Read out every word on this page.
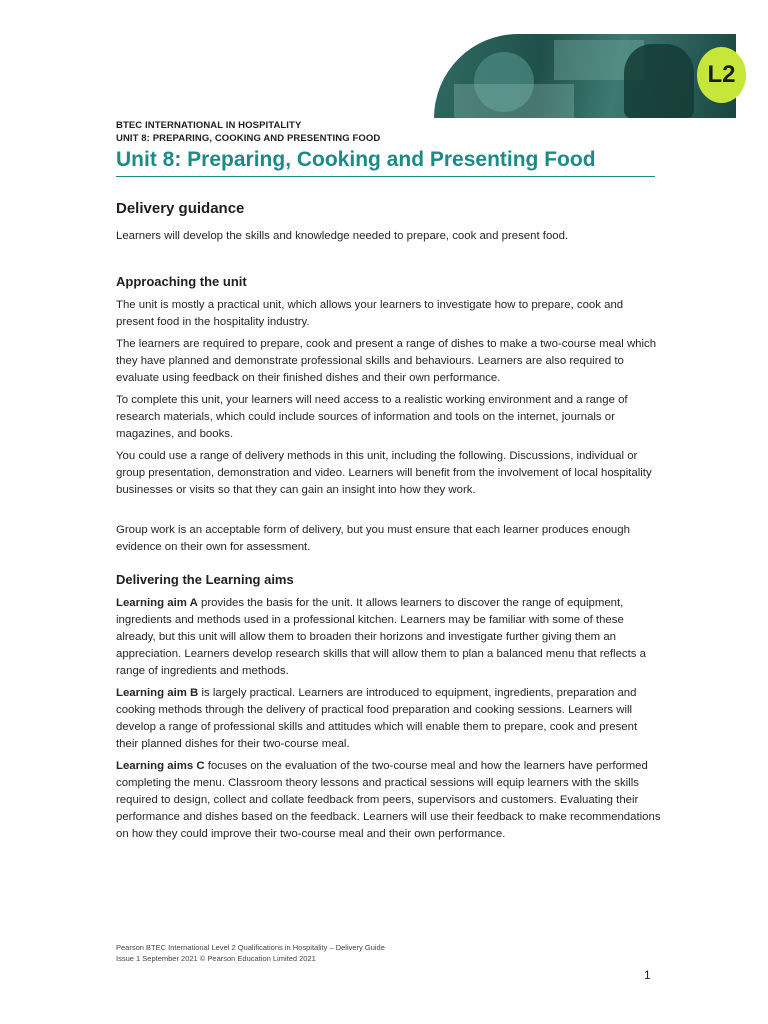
L2
BTEC INTERNATIONAL IN HOSPITALITY
UNIT 8: PREPARING, COOKING AND PRESENTING FOOD
Unit 8: Preparing, Cooking and Presenting Food
Delivery guidance

Learners will develop the skills and knowledge needed to prepare, cook and present food.

Approaching the unit

The unit is mostly a practical unit, which allows your learners to investigate how to prepare, cook and present food in the hospitality industry.

The learners are required to prepare, cook and present a range of dishes to make a two-course meal which they have planned and demonstrate professional skills and behaviours. Learners are also required to evaluate using feedback on their finished dishes and their own performance.

To complete this unit, your learners will need access to a realistic working environment and a range of research materials, which could include sources of information and tools on the internet, journals or magazines, and books.

You could use a range of delivery methods in this unit, including the following. Discussions, individual or group presentation, demonstration and video. Learners will benefit from the involvement of local hospitality businesses or visits so that they can gain an insight into how they work.

Group work is an acceptable form of delivery, but you must ensure that each learner produces enough evidence on their own for assessment.

Delivering the Learning aims

Learning aim A provides the basis for the unit. It allows learners to discover the range of equipment, ingredients and methods used in a professional kitchen. Learners may be familiar with some of these already, but this unit will allow them to broaden their horizons and investigate further giving them an appreciation. Learners develop research skills that will allow them to plan a balanced menu that reflects a range of ingredients and methods.

Learning aim B is largely practical. Learners are introduced to equipment, ingredients, preparation and cooking methods through the delivery of practical food preparation and cooking sessions. Learners will develop a range of professional skills and attitudes which will enable them to prepare, cook and present their planned dishes for their two-course meal.

Learning aims C focuses on the evaluation of the two-course meal and how the learners have performed completing the menu. Classroom theory lessons and practical sessions will equip learners with the skills required to design, collect and collate feedback from peers, supervisors and customers. Evaluating their performance and dishes based on the feedback. Learners will use their feedback to make recommendations on how they could improve their two-course meal and their own performance.

Pearson BTEC International Level 2 Qualifications in Hospitality – Delivery Guide
Issue 1 September 2021 © Pearson Education Limited 2021
1
